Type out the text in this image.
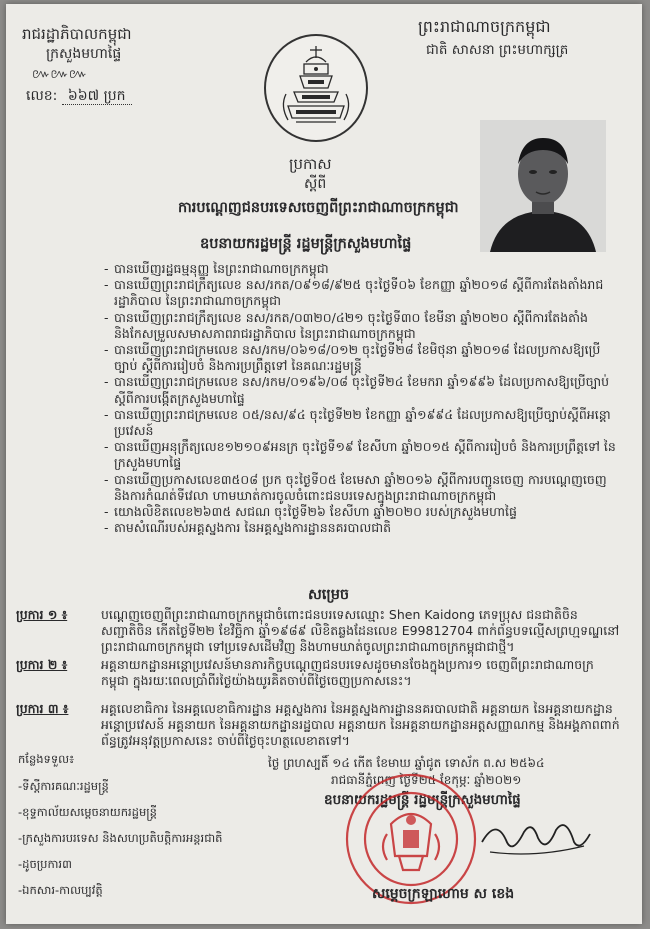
រាជរដ្ឋាភិបាលកម្ពុជា
ក្រសួងមហាផ្ទៃ
៚៚៚
លេខ: ៦៦៧ ប្រក
ព្រះរាជាណាចក្រកម្ពុជា
ជាតិ សាសនា ព្រះមហាក្សត្រ
ប្រកាស
ស្តីពី
ការបណ្តេញជនបរទេសចេញពីព្រះរាជាណាចក្រកម្ពុជា
ឧបនាយករដ្ឋមន្ត្រី រដ្ឋមន្ត្រីក្រសួងមហាផ្ទៃ
- បានឃើញរដ្ឋធម្មនុញ្ញ នៃព្រះរាជាណាចក្រកម្ពុជា
- បានឃើញព្រះរាជក្រឹត្យលេខ នស/រកត/០៩១៨/៩២៥ ចុះថ្ងៃទី០៦ ខែកញ្ញា ឆ្នាំ២០១៨ ស្តីពីការតែងតាំងរាជរដ្ឋាភិបាល នៃព្រះរាជាណាចក្រកម្ពុជា
- បានឃើញព្រះរាជក្រឹត្យលេខ នស/រកត/០៣២០/៤២១ ចុះថ្ងៃទី៣០ ខែមីនា ឆ្នាំ២០២០ ស្តីពីការតែងតាំង និងកែសម្រួលសមាសភាពរាជរដ្ឋាភិបាល នៃព្រះរាជាណាចក្រកម្ពុជា
- បានឃើញព្រះរាជក្រមលេខ នស/រកម/០៦១៨/០១២ ចុះថ្ងៃទី២៨ ខែមិថុនា ឆ្នាំ២០១៨ ដែលប្រកាសឱ្យប្រើច្បាប់ ស្តីពីការរៀបចំ និងការប្រព្រឹត្តទៅ នៃគណៈរដ្ឋមន្ត្រី
- បានឃើញព្រះរាជក្រមលេខ នស/រកម/០១៩៦/០៨ ចុះថ្ងៃទី២៤ ខែមករា ឆ្នាំ១៩៩៦ ដែលប្រកាសឱ្យប្រើច្បាប់ ស្តីពីការបង្កើតក្រសួងមហាផ្ទៃ
- បានឃើញព្រះរាជក្រមលេខ ០៥/នស/៩៤ ចុះថ្ងៃទី២២ ខែកញ្ញា ឆ្នាំ១៩៩៤ ដែលប្រកាសឱ្យប្រើច្បាប់ស្តីពីអន្តោប្រវេសន៍
- បានឃើញអនុក្រឹត្យលេខ១២១០៩អនក្រ ចុះថ្ងៃទី១៩ ខែសីហា ឆ្នាំ២០១៥ ស្តីពីការរៀបចំ និងការប្រព្រឹត្តទៅ នៃក្រសួងមហាផ្ទៃ
- បានឃើញប្រកាសលេខ៣៥០៨ ប្រក ចុះថ្ងៃទី០៥ ខែមេសា ឆ្នាំ២០១៦ ស្តីពីការបញ្ជូនចេញ ការបណ្តេញចេញ និងការកំណត់ទីវេលា ហាមឃាត់ការចូលចំពោះជនបរទេសក្នុងព្រះរាជាណាចក្រកម្ពុជា
- យោងលិខិតលេខ២៦៣៥ សជណ ចុះថ្ងៃទី២៦ ខែសីហា ឆ្នាំ២០២០ របស់ក្រសួងមហាផ្ទៃ
- តាមសំណើរបស់អគ្គស្នងការ នៃអគ្គស្នងការដ្ឋាននគរបាលជាតិ
សម្រេច
ប្រការ ១ ៖	បណ្តេញចេញពីព្រះរាជាណាចក្រកម្ពុជាចំពោះជនបរទេសឈ្មោះ Shen Kaidong ភេទប្រុស ជនជាតិចិន សញ្ជាតិចិន កើតថ្ងៃទី២២ ខែវិច្ឆិកា ឆ្នាំ១៩៨៩ លិខិតឆ្លងដែនលេខ E99812704 ពាក់ព័ន្ធបទល្មើសព្រហ្មទណ្ឌនៅព្រះរាជាណាចក្រកម្ពុជា ទៅប្រទេសដើមវិញ និងហាមឃាត់ចូលព្រះរាជាណាចក្រកម្ពុជាជាថ្មី។
ប្រការ ២ ៖	អគ្គនាយកដ្ឋានអន្តោប្រវេសន៍មានភារកិច្ចបណ្តេញជនបរទេសដូចមានចែងក្នុងប្រការ១ ចេញពីព្រះរាជាណាចក្រកម្ពុជា ក្នុងរយៈពេលប្រាំពីរថ្ងៃយ៉ាងយូរគិតចាប់ពីថ្ងៃចេញប្រកាសនេះ។
ប្រការ ៣ ៖	អគ្គលេខាធិការ នៃអគ្គលេខាធិការដ្ឋាន អគ្គស្នងការ នៃអគ្គស្នងការដ្ឋាននគរបាលជាតិ អគ្គនាយក នៃអគ្គនាយកដ្ឋានអន្តោប្រវេសន៍ អគ្គនាយក នៃអគ្គនាយកដ្ឋានរដ្ឋបាល អគ្គនាយក នៃអគ្គនាយកដ្ឋានអត្តសញ្ញាណកម្ម និងអង្គភាពពាក់ព័ន្ធត្រូវអនុវត្តប្រកាសនេះ ចាប់ពីថ្ងៃចុះហត្ថលេខាតទៅ។
ថ្ងៃ ព្រហស្បតិ៍ ១៤ កើត ខែមាឃ ឆ្នាំជូត ទោស័ក ព.ស ២៥៦៤
រាជធានីភ្នំពេញ ថ្ងៃទី២៥ ខែកុម្ភៈ ឆ្នាំ២០២១
ឧបនាយករដ្ឋមន្ត្រី រដ្ឋមន្ត្រីក្រសួងមហាផ្ទៃ
សម្តេចក្រឡាហោម ស ខេង
កន្លែងទទួល៖
-ទីស្តីការគណៈរដ្ឋមន្ត្រី
-ខុទ្ទកាល័យសម្តេចនាយករដ្ឋមន្ត្រី
-ក្រសួងការបរទេស និងសហប្រតិបត្តិការអន្តរជាតិ
-ដូចប្រការ៣
-ឯកសារ-កាលប្បវត្តិ
